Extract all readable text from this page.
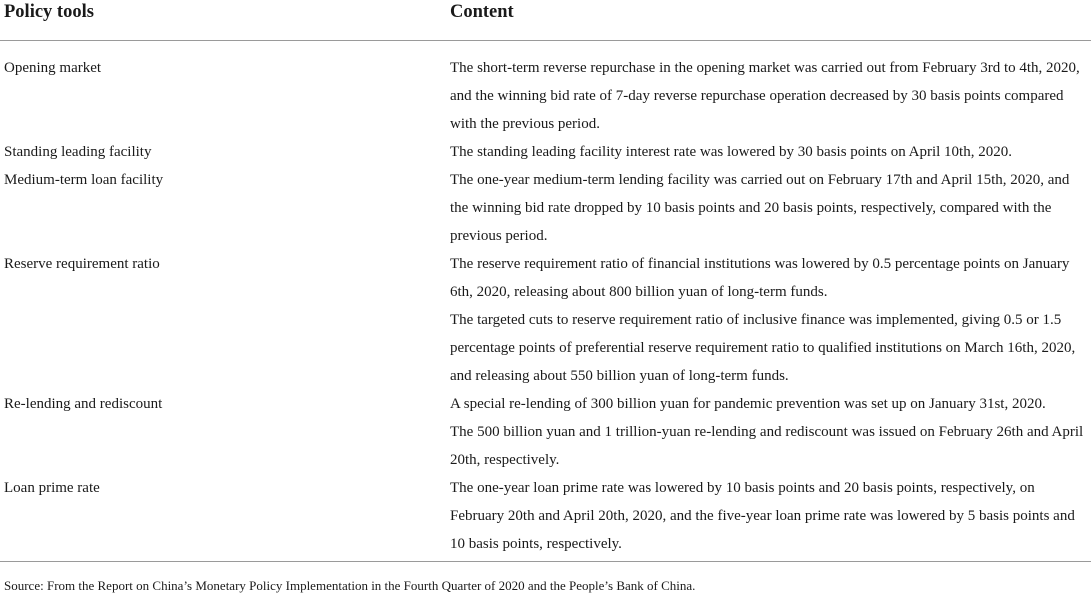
Policy tools	Content
Opening market	The short-term reverse repurchase in the opening market was carried out from February 3rd to 4th, 2020, and the winning bid rate of 7-day reverse repurchase operation decreased by 30 basis points compared with the previous period.
Standing leading facility	The standing leading facility interest rate was lowered by 30 basis points on April 10th, 2020.
Medium-term loan facility	The one-year medium-term lending facility was carried out on February 17th and April 15th, 2020, and the winning bid rate dropped by 10 basis points and 20 basis points, respectively, compared with the previous period.
Reserve requirement ratio	The reserve requirement ratio of financial institutions was lowered by 0.5 percentage points on January 6th, 2020, releasing about 800 billion yuan of long-term funds.
The targeted cuts to reserve requirement ratio of inclusive finance was implemented, giving 0.5 or 1.5 percentage points of preferential reserve requirement ratio to qualified institutions on March 16th, 2020, and releasing about 550 billion yuan of long-term funds.
Re-lending and rediscount	A special re-lending of 300 billion yuan for pandemic prevention was set up on January 31st, 2020.
The 500 billion yuan and 1 trillion-yuan re-lending and rediscount was issued on February 26th and April 20th, respectively.
Loan prime rate	The one-year loan prime rate was lowered by 10 basis points and 20 basis points, respectively, on February 20th and April 20th, 2020, and the five-year loan prime rate was lowered by 5 basis points and 10 basis points, respectively.
Source: From the Report on China’s Monetary Policy Implementation in the Fourth Quarter of 2020 and the People’s Bank of China.
